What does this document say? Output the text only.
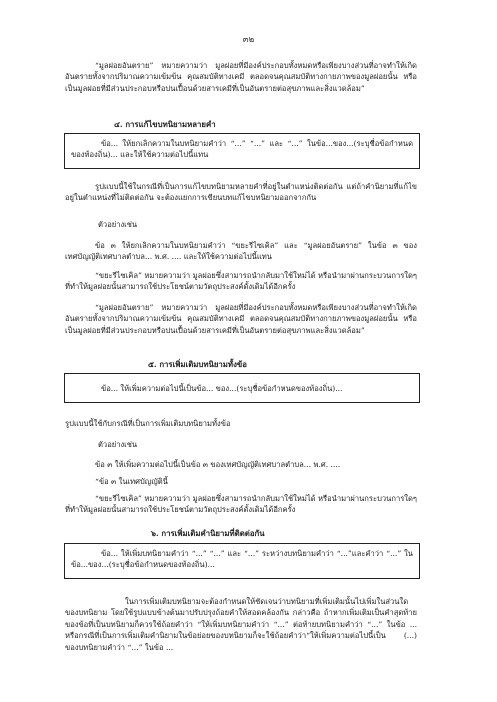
๓๒

“มูลฝอยอันตราย” หมายความว่า มูลฝอยที่มีองค์ประกอบทั้งหมดหรือเพียงบางส่วนที่อาจทำให้เกิดอันตรายทั้งจากปริมาณความเข้มข้น คุณสมบัติทางเคมี ตลอดจนคุณสมบัติทางกายภาพของมูลฝอยนั้น หรือเป็นมูลฝอยที่มีส่วนประกอบหรือปนเปื้อนด้วยสารเคมีที่เป็นอันตรายต่อสุขภาพและสิ่งแวดล้อม”

๔. การแก้ไขบทนิยามหลายคำ

ข้อ... ให้ยกเลิกความในบทนิยามคำว่า “...” “...” และ “...” ในข้อ...ของ...(ระบุชื่อข้อกำหนดของท้องถิ่น)... และให้ใช้ความต่อไปนี้แทน

รูปแบบนี้ใช้ในกรณีที่เป็นการแก้ไขบทนิยามหลายคำที่อยู่ในตำแหน่งติดต่อกัน แต่ถ้าคำนิยามที่แก้ไขอยู่ในตำแหน่งที่ไม่ติดต่อกัน จะต้องแยกการเขียนบทแก้ไขบทนิยามออกจากกัน

ตัวอย่างเช่น

ข้อ ๓ ให้ยกเลิกความในบทนิยามคำว่า “ขยะรีไซเคิล” และ “มูลฝอยอันตราย” ในข้อ ๓ ของเทศบัญญัติเทศบาลตำบล... พ.ศ. .... และให้ใช้ความต่อไปนี้แทน

“ขยะรีไซเคิล” หมายความว่า มูลฝอยซึ่งสามารถนำกลับมาใช้ใหม่ได้ หรือนำมาผ่านกระบวนการใดๆ ที่ทำให้มูลฝอยนั้นสามารถใช้ประโยชน์ตามวัตถุประสงค์ดั้งเดิมได้อีกครั้ง

“มูลฝอยอันตราย” หมายความว่า มูลฝอยที่มีองค์ประกอบทั้งหมดหรือเพียงบางส่วนที่อาจทำให้เกิดอันตรายทั้งจากปริมาณความเข้มข้น คุณสมบัติทางเคมี ตลอดจนคุณสมบัติทางกายภาพของมูลฝอยนั้น หรือเป็นมูลฝอยที่มีส่วนประกอบหรือปนเปื้อนด้วยสารเคมีที่เป็นอันตรายต่อสุขภาพและสิ่งแวดล้อม”

๕. การเพิ่มเติมบทนิยามทั้งข้อ

ข้อ... ให้เพิ่มความต่อไปนี้เป็นข้อ... ของ...(ระบุชื่อข้อกำหนดของท้องถิ่น)...

รูปแบบนี้ใช้กับกรณีที่เป็นการเพิ่มเติมบทนิยามทั้งข้อ

ตัวอย่างเช่น

ข้อ ๓ ให้เพิ่มความต่อไปนี้เป็นข้อ ๓ ของเทศบัญญัติเทศบาลตำบล... พ.ศ. ....

“ข้อ ๓ ในเทศบัญญัตินี้

“ขยะรีไซเคิล” หมายความว่า มูลฝอยซึ่งสามารถนำกลับมาใช้ใหม่ได้ หรือนำมาผ่านกระบวนการใดๆ ที่ทำให้มูลฝอยนั้นสามารถใช้ประโยชน์ตามวัตถุประสงค์ดั้งเดิมได้อีกครั้ง

๖. การเพิ่มเติมคำนิยามที่ติดต่อกัน

ข้อ... ให้เพิ่มบทนิยามคำว่า “...” “...” และ “...” ระหว่างบทนิยามคำว่า “...”และคำว่า “...” ในข้อ...ของ...(ระบุชื่อข้อกำหนดของท้องถิ่น)...

ในการเพิ่มเติมบทนิยามจะต้องกำหนดให้ชัดเจนว่าบทนิยามที่เพิ่มเติมนั้นไปเพิ่มในส่วนใดของบทนิยาม โดยใช้รูปแบบข้างต้นมาปรับปรุงถ้อยคำให้สอดคล้องกัน กล่าวคือ ถ้าหากเพิ่มเติมเป็นคำสุดท้ายของข้อที่เป็นบทนิยามก็ควรใช้ถ้อยคำว่า “ให้เพิ่มบทนิยามคำว่า “...” ต่อท้ายบทนิยามคำว่า “...” ในข้อ ... หรือกรณีที่เป็นการเพิ่มเติมคำนิยามในข้อย่อยของบทนิยามก็จะใช้ถ้อยคำว่า“ให้เพิ่มความต่อไปนี้เป็น (...) ของบทนิยามคำว่า “...” ในข้อ ...
